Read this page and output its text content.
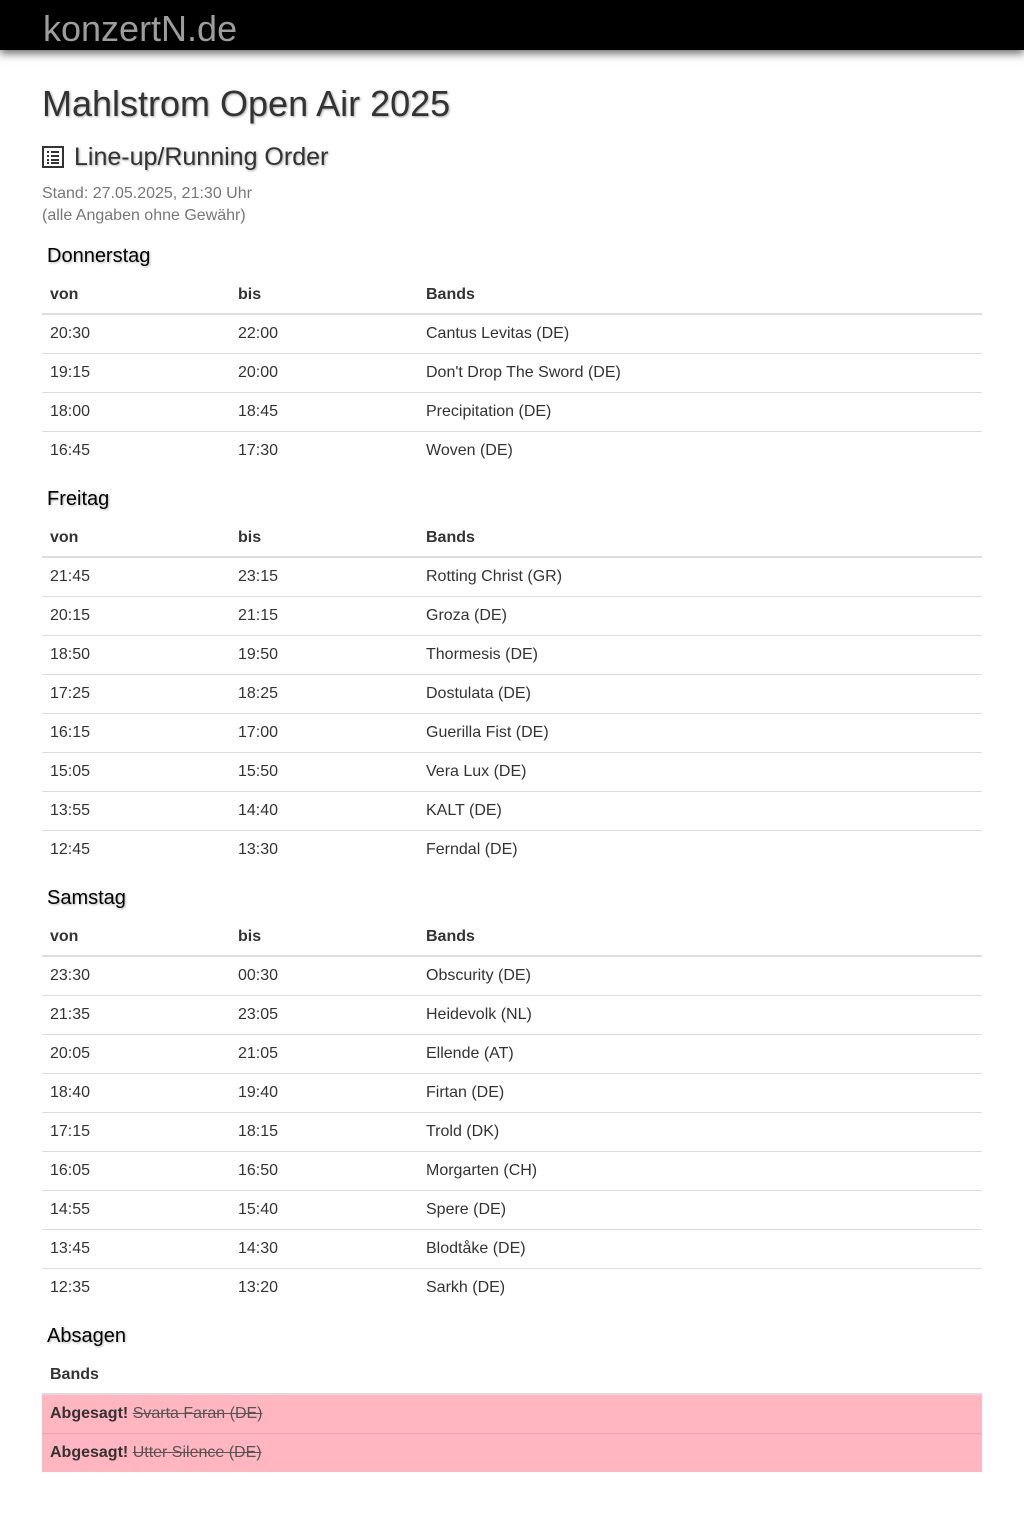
konzertN.de
Mahlstrom Open Air 2025
Line-up/Running Order
Stand: 27.05.2025, 21:30 Uhr
(alle Angaben ohne Gewähr)
Donnerstag
von	bis	Bands
20:30	22:00	Cantus Levitas (DE)
19:15	20:00	Don't Drop The Sword (DE)
18:00	18:45	Precipitation (DE)
16:45	17:30	Woven (DE)
Freitag
von	bis	Bands
21:45	23:15	Rotting Christ (GR)
20:15	21:15	Groza (DE)
18:50	19:50	Thormesis (DE)
17:25	18:25	Dostulata (DE)
16:15	17:00	Guerilla Fist (DE)
15:05	15:50	Vera Lux (DE)
13:55	14:40	KALT (DE)
12:45	13:30	Ferndal (DE)
Samstag
von	bis	Bands
23:30	00:30	Obscurity (DE)
21:35	23:05	Heidevolk (NL)
20:05	21:05	Ellende (AT)
18:40	19:40	Firtan (DE)
17:15	18:15	Trold (DK)
16:05	16:50	Morgarten (CH)
14:55	15:40	Spere (DE)
13:45	14:30	Blodtåke (DE)
12:35	13:20	Sarkh (DE)
Absagen
Bands
Abgesagt! Svarta Faran (DE)
Abgesagt! Utter Silence (DE)
